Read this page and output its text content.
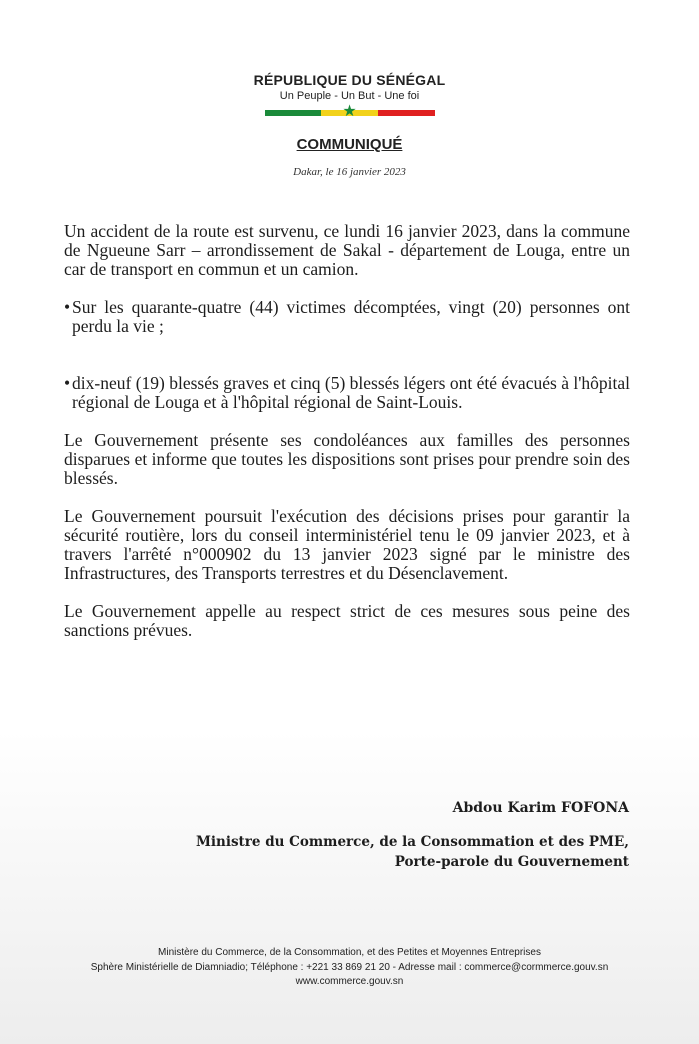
RÉPUBLIQUE DU SÉNÉGAL
Un Peuple - Un But - Une foi
★
COMMUNIQUÉ
Dakar, le 16 janvier 2023

Un accident de la route est survenu, ce lundi 16 janvier 2023, dans la commune de Ngueune Sarr – arrondissement de Sakal - département de Louga, entre un car de transport en commun et un camion.

• Sur les quarante-quatre (44) victimes décomptées, vingt (20) personnes ont perdu la vie ;
• dix-neuf (19) blessés graves et cinq (5) blessés légers ont été évacués à l'hôpital régional de Louga et à l'hôpital régional de Saint-Louis.

Le Gouvernement présente ses condoléances aux familles des personnes disparues et informe que toutes les dispositions sont prises pour prendre soin des blessés.

Le Gouvernement poursuit l'exécution des décisions prises pour garantir la sécurité routière, lors du conseil interministériel tenu le 09 janvier 2023, et à travers l'arrêté n°000902 du 13 janvier 2023 signé par le ministre des Infrastructures, des Transports terrestres et du Désenclavement.

Le Gouvernement appelle au respect strict de ces mesures sous peine des sanctions prévues.

Abdou Karim FOFONA
Ministre du Commerce, de la Consommation et des PME,
Porte-parole du Gouvernement
Ministère du Commerce, de la Consommation, et des Petites et Moyennes Entreprises
Sphère Ministérielle de Diamniadio; Téléphone : +221 33 869 21 20 - Adresse mail : commerce@cormmerce.gouv.sn
www.commerce.gouv.sn
